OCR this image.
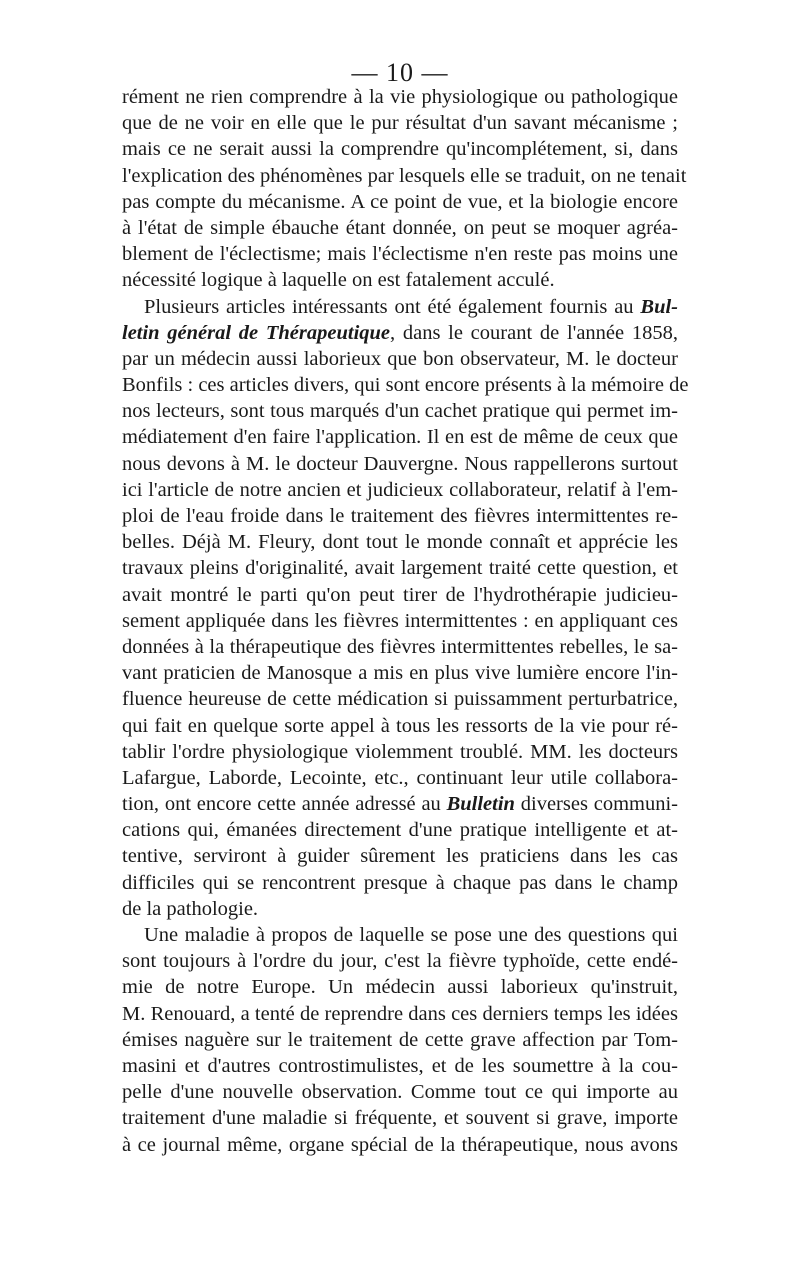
— 10 —
rément ne rien comprendre à la vie physiologique ou pathologique
que de ne voir en elle que le pur résultat d'un savant mécanisme ;
mais ce ne serait aussi la comprendre qu'incomplétement, si, dans
l'explication des phénomènes par lesquels elle se traduit, on ne tenait
pas compte du mécanisme. A ce point de vue, et la biologie encore
à l'état de simple ébauche étant donnée, on peut se moquer agréa-
blement de l'éclectisme; mais l'éclectisme n'en reste pas moins une
nécessité logique à laquelle on est fatalement acculé.
Plusieurs articles intéressants ont été également fournis au Bul-
letin général de Thérapeutique, dans le courant de l'année 1858,
par un médecin aussi laborieux que bon observateur, M. le docteur
Bonfils : ces articles divers, qui sont encore présents à la mémoire de
nos lecteurs, sont tous marqués d'un cachet pratique qui permet im-
médiatement d'en faire l'application. Il en est de même de ceux que
nous devons à M. le docteur Dauvergne. Nous rappellerons surtout
ici l'article de notre ancien et judicieux collaborateur, relatif à l'em-
ploi de l'eau froide dans le traitement des fièvres intermittentes re-
belles. Déjà M. Fleury, dont tout le monde connaît et apprécie les
travaux pleins d'originalité, avait largement traité cette question, et
avait montré le parti qu'on peut tirer de l'hydrothérapie judicieu-
sement appliquée dans les fièvres intermittentes : en appliquant ces
données à la thérapeutique des fièvres intermittentes rebelles, le sa-
vant praticien de Manosque a mis en plus vive lumière encore l'in-
fluence heureuse de cette médication si puissamment perturbatrice,
qui fait en quelque sorte appel à tous les ressorts de la vie pour ré-
tablir l'ordre physiologique violemment troublé. MM. les docteurs
Lafargue, Laborde, Lecointe, etc., continuant leur utile collabora-
tion, ont encore cette année adressé au Bulletin diverses communi-
cations qui, émanées directement d'une pratique intelligente et at-
tentive, serviront à guider sûrement les praticiens dans les cas
difficiles qui se rencontrent presque à chaque pas dans le champ
de la pathologie.
Une maladie à propos de laquelle se pose une des questions qui
sont toujours à l'ordre du jour, c'est la fièvre typhoïde, cette endé-
mie de notre Europe. Un médecin aussi laborieux qu'instruit,
M. Renouard, a tenté de reprendre dans ces derniers temps les idées
émises naguère sur le traitement de cette grave affection par Tom-
masini et d'autres controstimulistes, et de les soumettre à la cou-
pelle d'une nouvelle observation. Comme tout ce qui importe au
traitement d'une maladie si fréquente, et souvent si grave, importe
à ce journal même, organe spécial de la thérapeutique, nous avons
